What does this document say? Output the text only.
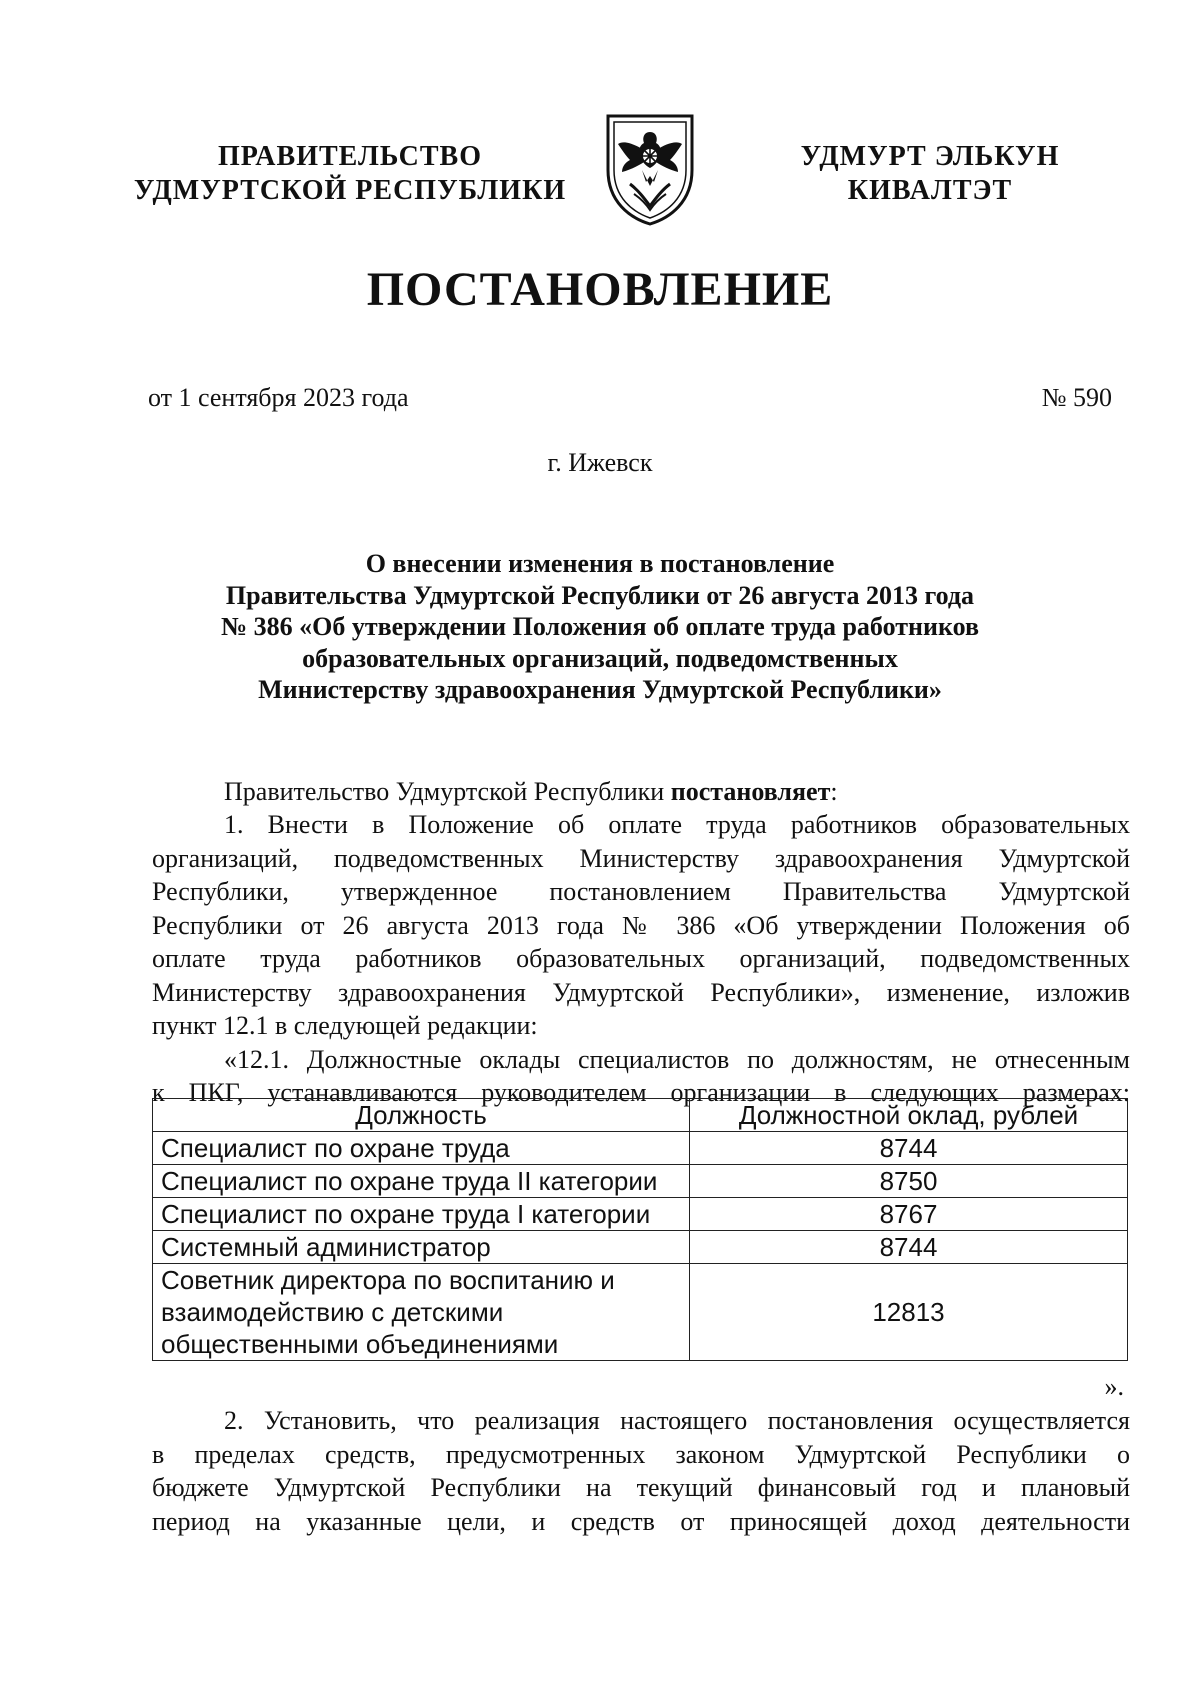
ПРАВИТЕЛЬСТВО
УДМУРТСКОЙ РЕСПУБЛИКИ
УДМУРТ ЭЛЬКУН
КИВАЛТЭТ
ПОСТАНОВЛЕНИЕ
от 1 сентября 2023 года	№ 590
г. Ижевск
О внесении изменения в постановление
Правительства Удмуртской Республики от 26 августа 2013 года
№ 386 «Об утверждении Положения об оплате труда работников
образовательных организаций, подведомственных
Министерству здравоохранения Удмуртской Республики»
Правительство Удмуртской Республики постановляет:
1. Внести в Положение об оплате труда работников образовательных
организаций, подведомственных Министерству здравоохранения Удмуртской
Республики, утвержденное постановлением Правительства Удмуртской
Республики от 26 августа 2013 года № 386 «Об утверждении Положения об
оплате труда работников образовательных организаций, подведомственных
Министерству здравоохранения Удмуртской Республики», изменение, изложив
пункт 12.1 в следующей редакции:
«12.1. Должностные оклады специалистов по должностям, не отнесенным
к ПКГ, устанавливаются руководителем организации в следующих размерах:
Должность	Должностной оклад, рублей
Специалист по охране труда	8744
Специалист по охране труда II категории	8750
Специалист по охране труда I категории	8767
Системный администратор	8744

Советник директора по воспитанию и
взаимодействию с детскими
общественными объединениями	12813
».
2. Установить, что реализация настоящего постановления осуществляется
в пределах средств, предусмотренных законом Удмуртской Республики о
бюджете Удмуртской Республики на текущий финансовый год и плановый
период на указанные цели, и средств от приносящей доход деятельности
